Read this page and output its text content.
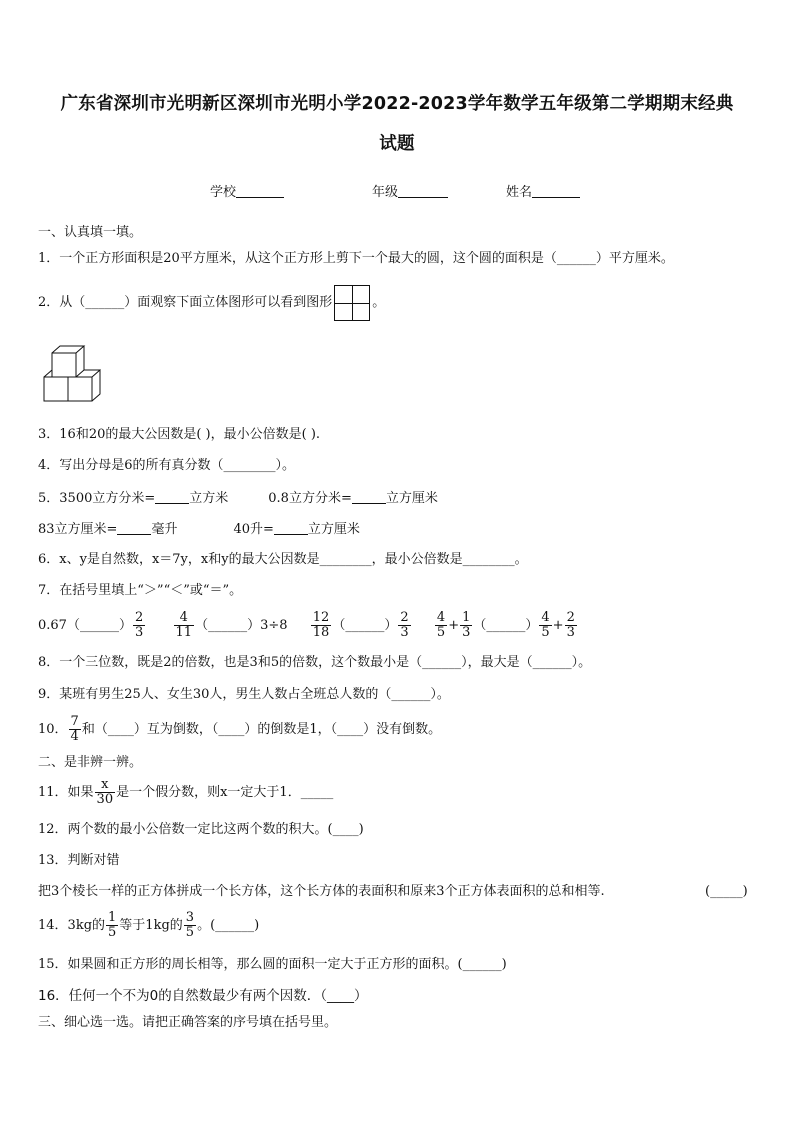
广东省深圳市光明新区深圳市光明小学2022-2023学年数学五年级第二学期期末经典
试题
学校	年级	姓名
一、认真填一填。
1．一个正方形面积是20平方厘米，从这个正方形上剪下一个最大的圆，这个圆的面积是（______）平方厘米。
2．从（______）面观察下面立体图形可以看到图形	。
3．16和20的最大公因数是( )，最小公倍数是( ).
4．写出分母是6的所有真分数（________）。
5．3500立方分米=	立方米	0.8立方分米=	立方厘米
83立方厘米=	毫升	40升=	立方厘米
6．x、y是自然数，x＝7y，x和y的最大公因数是________，最小公倍数是________。
7．在括号里填上“＞”“＜”或“＝”。
0.67（______） $\frac{2}{3}$
$\frac{4}{11}$ （______）3÷8 $\frac{12}{18}$ （______） $\frac{2}{3}$
$\frac{4}{5} + \frac{1}{3}$ （______） $\frac{4}{5} + \frac{2}{3}$
8．一个三位数，既是2的倍数，也是3和5的倍数，这个数最小是（______），最大是（______）。
9．某班有男生25人、女生30人，男生人数占全班总人数的（______）。
10． $\frac{7}{4}$ 和（____）互为倒数，（____）的倒数是1，（____）没有倒数。
二、是非辨一辨。
11．如果 $\frac{x}{30}$ 是一个假分数，则x一定大于1．_____
12．两个数的最小公倍数一定比这两个数的积大。(____)
13．判断对错
把3个棱长一样的正方体拼成一个长方体，这个长方体的表面积和原来3个正方体表面积的总和相等.	(_____)
14．3kg的 $\frac{1}{5}$ 等于1kg的 $\frac{3}{5}$ 。(______)
15．如果圆和正方形的周长相等，那么圆的面积一定大于正方形的面积。(______)
16．任何一个不为0的自然数最少有两个因数．（____）
三、细心选一选。请把正确答案的序号填在括号里。
